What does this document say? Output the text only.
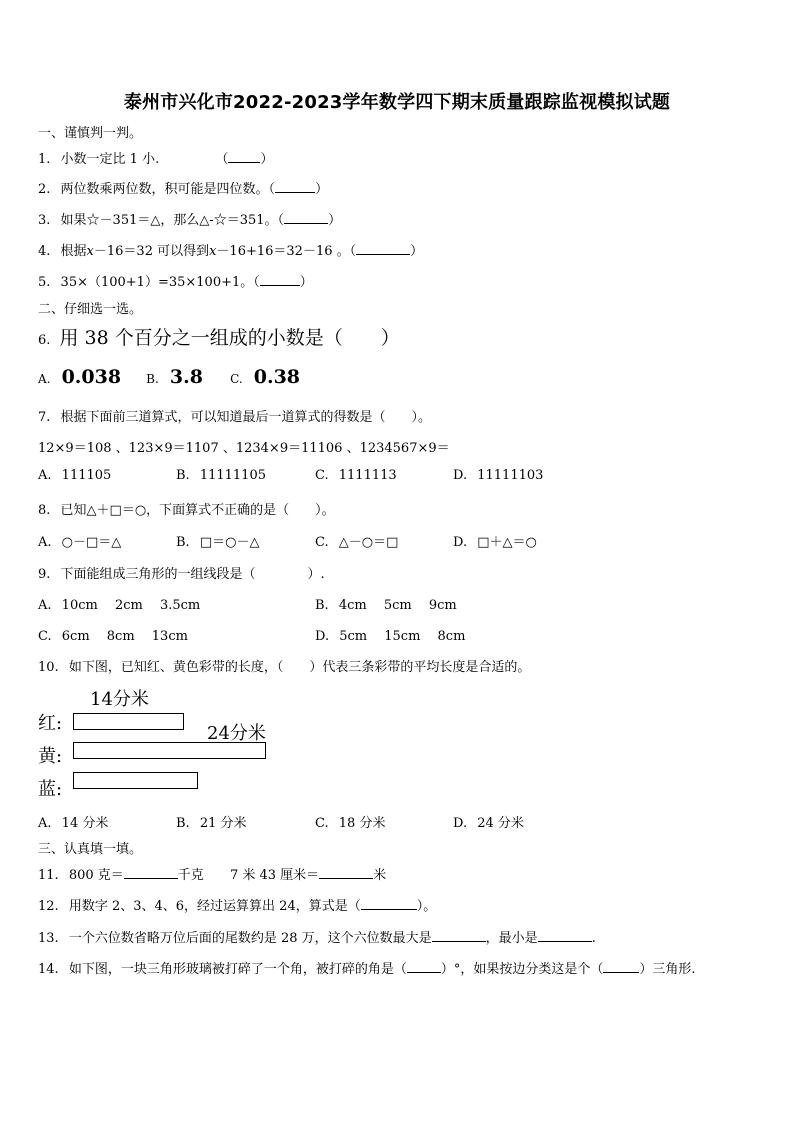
泰州市兴化市2022-2023学年数学四下期末质量跟踪监视模拟试题
一、谨慎判一判。
1. 小数一定比 1 小.	（ ）
2. 两位数乘两位数，积可能是四位数。（	）
3. 如果☆－351＝△，那么△-☆＝351。（	）
4. 根据𝑥－16＝32 可以得到𝑥－16+16＝32－16 。（	）
5. 35×（100+1）=35×100+1。（	）
二、仔细选一选。
6. 用 38 个百分之一组成的小数是（　　）
A. 0.038 B. 3.8 C. 0.38
7. 根据下面前三道算式，可以知道最后一道算式的得数是（　　）。
12×9＝108 、123×9＝1107 、1234×9＝11106 、1234567×9＝
A. 111105	B. 11111105	C. 1111113	D. 11111103
8. 已知△＋□＝○，下面算式不正确的是（　　）。
A. ○－□＝△	B. □＝○－△	C. △－○＝□	D. □＋△＝○
9. 下面能组成三角形的一组线段是（　　　　）.
A. 10cm　 2cm　 3.5cm	B. 4cm　 5cm　 9cm
C. 6cm　 8cm　 13cm	D. 5cm　 15cm　 8cm
10. 如下图，已知红、黄色彩带的长度，（　　）代表三条彩带的平均长度是合适的。
14分米
红:	24分米
黄:
蓝:
A. 14 分米	B. 21 分米	C. 18 分米	D. 24 分米
三、认真填一填。
11. 800 克＝	千克 7 米 43 厘米＝	米
12. 用数字 2、3、4、6，经过运算算出 24，算式是（	）。
13. 一个六位数省略万位后面的尾数约是 28 万，这个六位数最大是	，最小是	.
14. 如下图，一块三角形玻璃被打碎了一个角，被打碎的角是（	）°，如果按边分类这是个（	）三角形.
